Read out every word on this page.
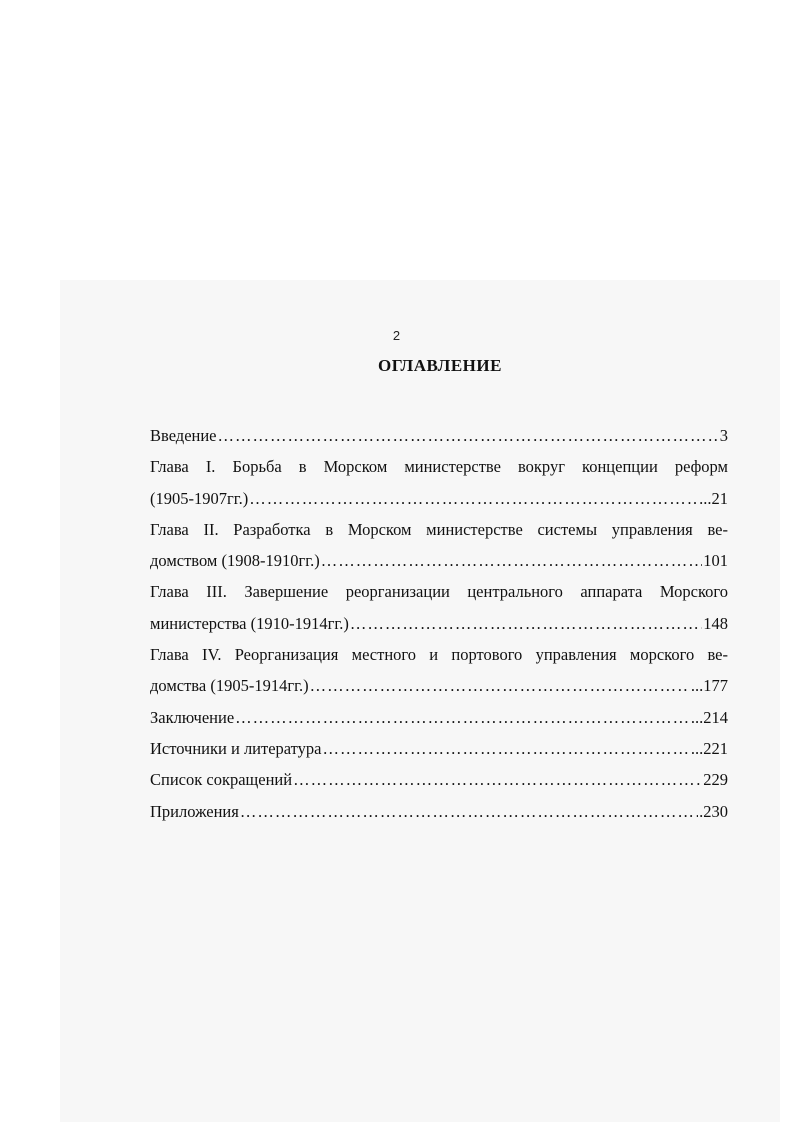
2
ОГЛАВЛЕНИЕ
Введение ………………………………………………………………………………………………………………………………………………………………	3
Глава I. Борьба в Морском министерстве вокруг концепции реформ
(1905-1907гг.) ………………………………………………………………………………………………………………………………………………………………	...21
Глава II. Разработка в Морском министерстве системы управления ве-
домством (1908-1910гг.) ………………………………………………………………………………………………………………………………………………………………	101
Глава III. Завершение реорганизации центрального аппарата Морского
министерства (1910-1914гг.) ………………………………………………………………………………………………………………………………………………………………	148
Глава IV. Реорганизация местного и портового управления морского ве-
домства (1905-1914гг.) ………………………………………………………………………………………………………………………………………………………………	...177
Заключение ………………………………………………………………………………………………………………………………………………………………	...214
Источники и литература ………………………………………………………………………………………………………………………………………………………………	...221
Список сокращений ………………………………………………………………………………………………………………………………………………………………	229
Приложения ………………………………………………………………………………………………………………………………………………………………	.230
